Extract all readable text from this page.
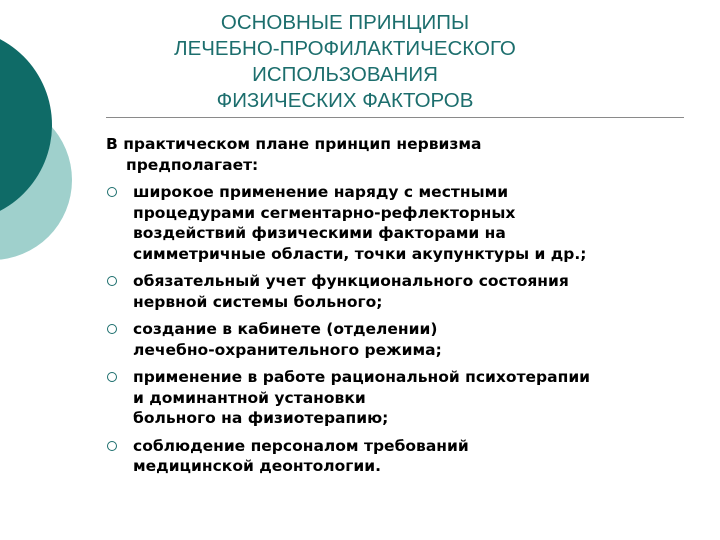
ОСНОВНЫЕ ПРИНЦИПЫ
ЛЕЧЕБНО-ПРОФИЛАКТИЧЕСКОГО
ИСПОЛЬЗОВАНИЯ
ФИЗИЧЕСКИХ ФАКТОРОВ

В практическом плане принцип нервизма
предполагает:

широкое применение наряду с местными
процедурами сегментарно-рефлекторных
воздействий физическими факторами на
симметричные области, точки акупунктуры и др.;
обязательный учет функционального состояния
нервной системы больного;
создание в кабинете (отделении)
лечебно-охранительного режима;
применение в работе рациональной психотерапии
и доминантной установки
больного на физиотерапию;
соблюдение персоналом требований
медицинской деонтологии.
